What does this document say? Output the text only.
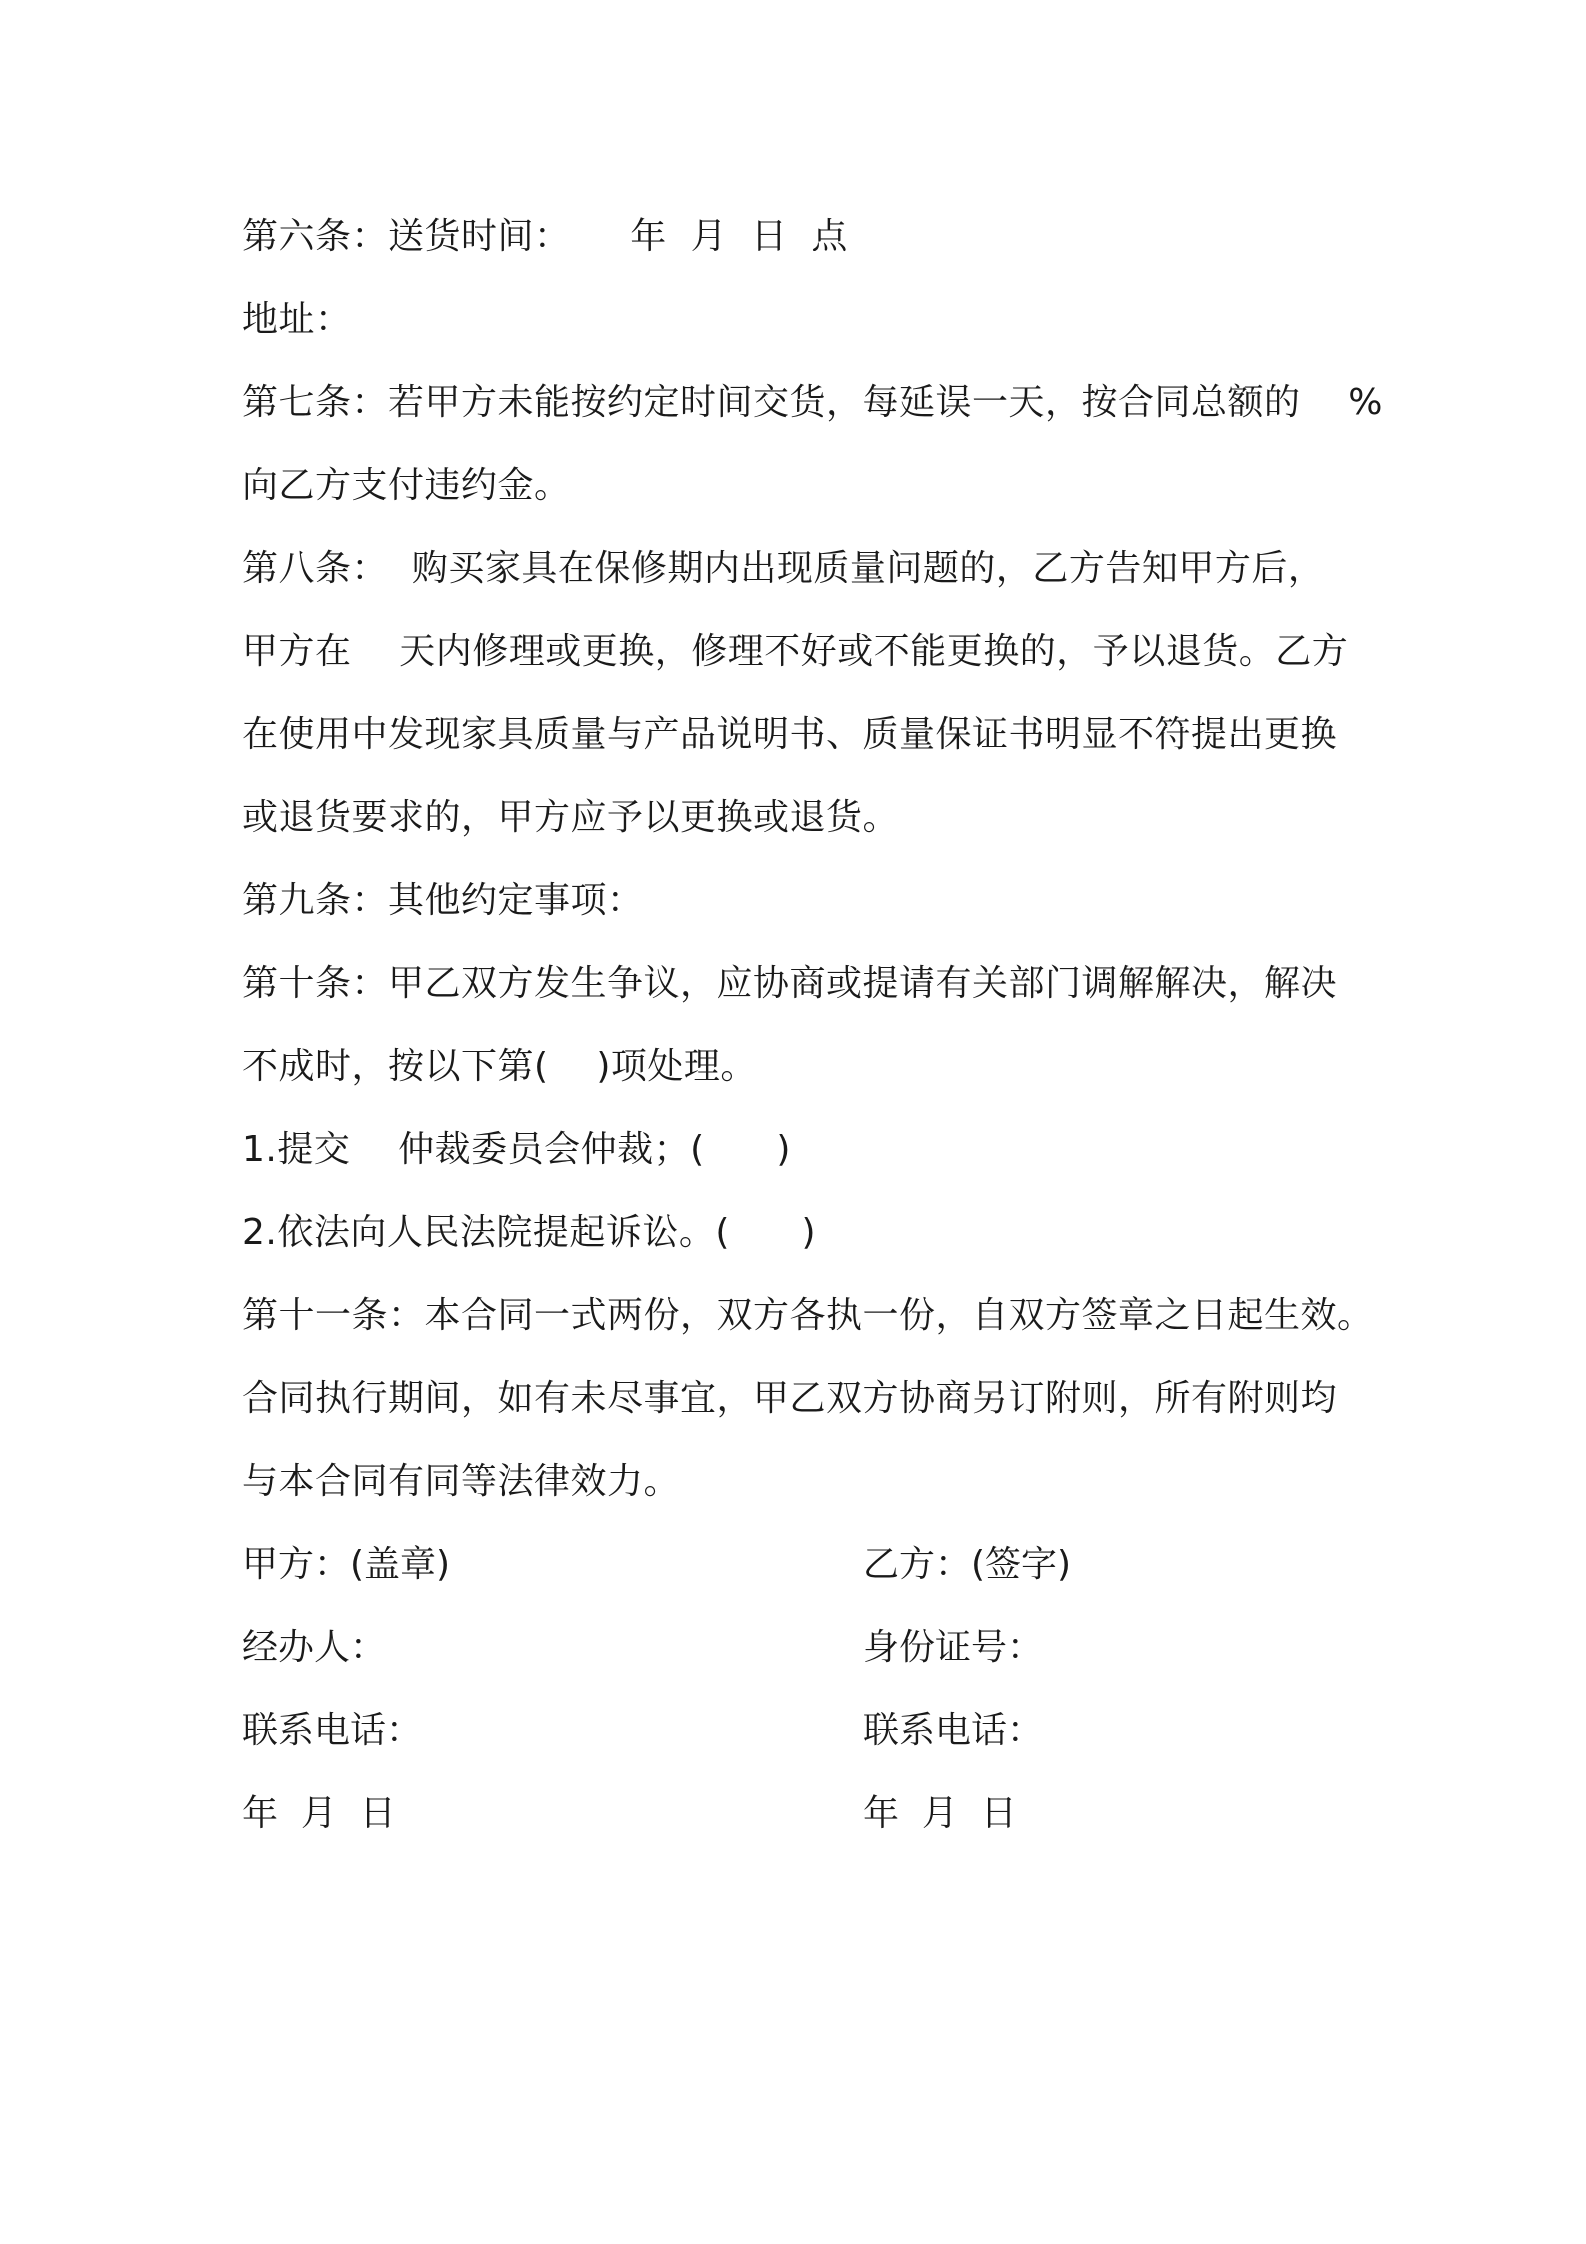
第六条：送货时间：     年  月  日  点
地址：
第七条：若甲方未能按约定时间交货，每延误一天，按合同总额的    %
向乙方支付违约金。
第八条：  购买家具在保修期内出现质量问题的，乙方告知甲方后，
甲方在    天内修理或更换，修理不好或不能更换的，予以退货。乙方
在使用中发现家具质量与产品说明书、质量保证书明显不符提出更换
或退货要求的，甲方应予以更换或退货。
第九条：其他约定事项：
第十条：甲乙双方发生争议，应协商或提请有关部门调解解决，解决
不成时，按以下第(    )项处理。
1.提交    仲裁委员会仲裁；(      )
2.依法向人民法院提起诉讼。(      )
第十一条：本合同一式两份，双方各执一份，自双方签章之日起生效。
合同执行期间，如有未尽事宜，甲乙双方协商另订附则，所有附则均
与本合同有同等法律效力。
甲方：(盖章)	乙方：(签字)
经办人：	身份证号：
联系电话：	联系电话：
年  月  日	年  月  日
